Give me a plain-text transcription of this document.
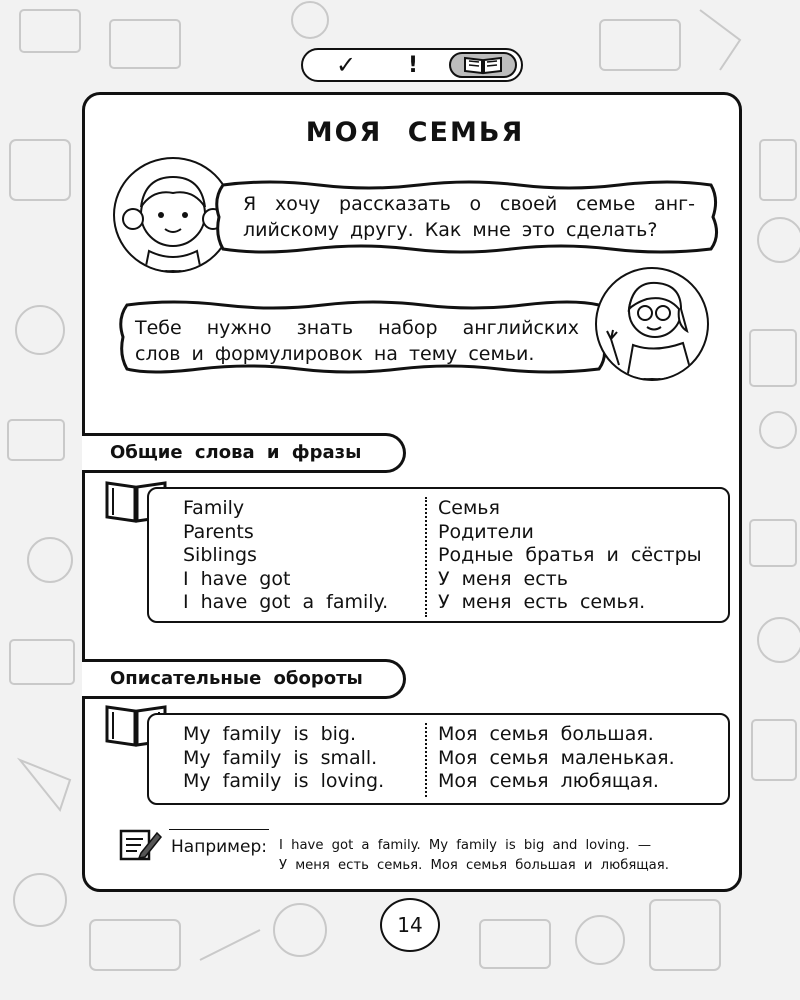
✓ !
МОЯ СЕМЬЯ
Я хочу рассказать о своей семье анг-лийскому другу. Как мне это сделать?
Тебе нужно знать набор английских слов и формулировок на тему семьи.
Общие слова и фразы
Family
Parents
Siblings
I have got
I have got a family.
Семья
Родители
Родные братья и сёстры
У меня есть
У меня есть семья.
Описательные обороты
My family is big.
My family is small.
My family is loving.
Моя семья большая.
Моя семья маленькая.
Моя семья любящая.
Например: I have got a family. My family is big and loving. —
У меня есть семья. Моя семья большая и любящая.
14
